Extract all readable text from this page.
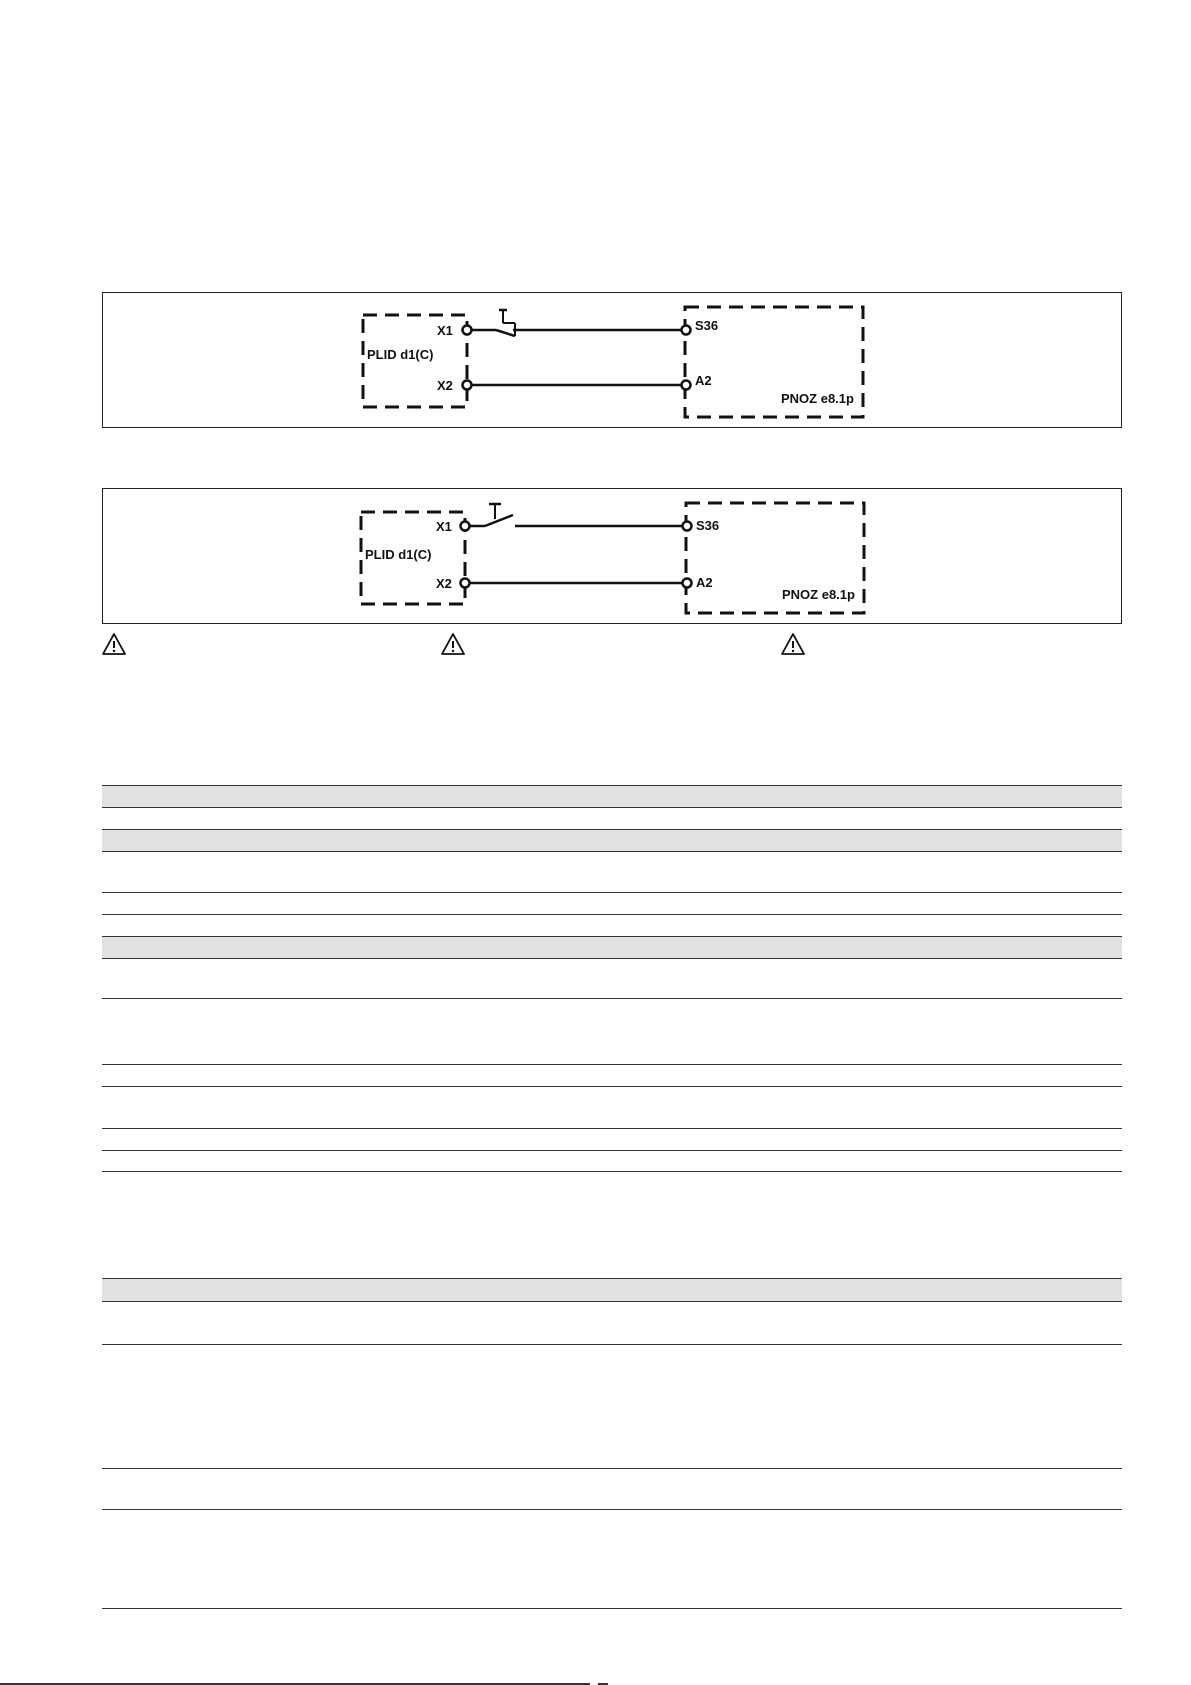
X1
X2
PLID d1(C)
S36
A2
PNOZ e8.1p
X1
X2
PLID d1(C)
S36
A2
PNOZ e8.1p
